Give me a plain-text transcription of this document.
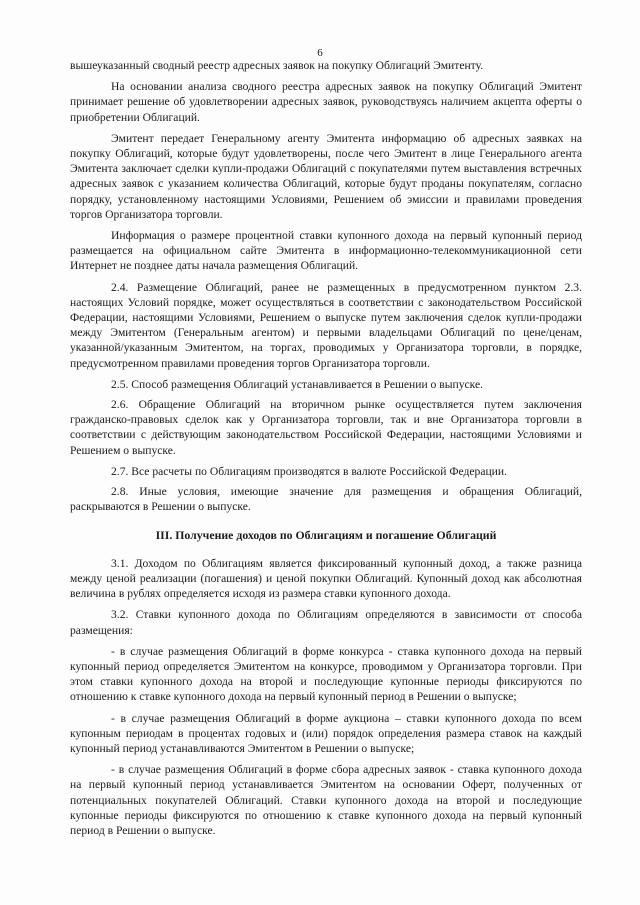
6

вышеуказанный сводный реестр адресных заявок на покупку Облигаций Эмитенту.

На основании анализа сводного реестра адресных заявок на покупку Облигаций Эмитент принимает решение об удовлетворении адресных заявок, руководствуясь наличием акцепта оферты о приобретении Облигаций.

Эмитент передает Генеральному агенту Эмитента информацию об адресных заявках на покупку Облигаций, которые будут удовлетворены, после чего Эмитент в лице Генерального агента Эмитента заключает сделки купли-продажи Облигаций с покупателями путем выставления встречных адресных заявок с указанием количества Облигаций, которые будут проданы покупателям, согласно порядку, установленному настоящими Условиями, Решением об эмиссии и правилами проведения торгов Организатора торговли.

Информация о размере процентной ставки купонного дохода на первый купонный период размещается на официальном сайте Эмитента в информационно-телекоммуникационной сети Интернет не позднее даты начала размещения Облигаций.

2.4. Размещение Облигаций, ранее не размещенных в предусмотренном пунктом 2.3. настоящих Условий порядке, может осуществляться в соответствии с законодательством Российской Федерации, настоящими Условиями, Решением о выпуске путем заключения сделок купли-продажи между Эмитентом (Генеральным агентом) и первыми владельцами Облигаций по цене/ценам, указанной/указанным Эмитентом, на торгах, проводимых у Организатора торговли, в порядке, предусмотренном правилами проведения торгов Организатора торговли.

2.5. Способ размещения Облигаций устанавливается в Решении о выпуске.

2.6. Обращение Облигаций на вторичном рынке осуществляется путем заключения гражданско-правовых сделок как у Организатора торговли, так и вне Организатора торговли в соответствии с действующим законодательством Российской Федерации, настоящими Условиями и Решением о выпуске.

2.7. Все расчеты по Облигациям производятся в валюте Российской Федерации.

2.8. Иные условия, имеющие значение для размещения и обращения Облигаций, раскрываются в Решении о выпуске.

III. Получение доходов по Облигациям и погашение Облигаций

3.1. Доходом по Облигациям является фиксированный купонный доход, а также разница между ценой реализации (погашения) и ценой покупки Облигаций. Купонный доход как абсолютная величина в рублях определяется исходя из размера ставки купонного дохода.

3.2. Ставки купонного дохода по Облигациям определяются в зависимости от способа размещения:

- в случае размещения Облигаций в форме конкурса - ставка купонного дохода на первый купонный период определяется Эмитентом на конкурсе, проводимом у Организатора торговли. При этом ставки купонного дохода на второй и последующие купонные периоды фиксируются по отношению к ставке купонного дохода на первый купонный период в Решении о выпуске;

- в случае размещения Облигаций в форме аукциона – ставки купонного дохода по всем купонным периодам в процентах годовых и (или) порядок определения размера ставок на каждый купонный период устанавливаются Эмитентом в Решении о выпуске;

- в случае размещения Облигаций в форме сбора адресных заявок - ставка купонного дохода на первый купонный период устанавливается Эмитентом на основании Оферт, полученных от потенциальных покупателей Облигаций. Ставки купонного дохода на второй и последующие купонные периоды фиксируются по отношению к ставке купонного дохода на первый купонный период в Решении о выпуске.
